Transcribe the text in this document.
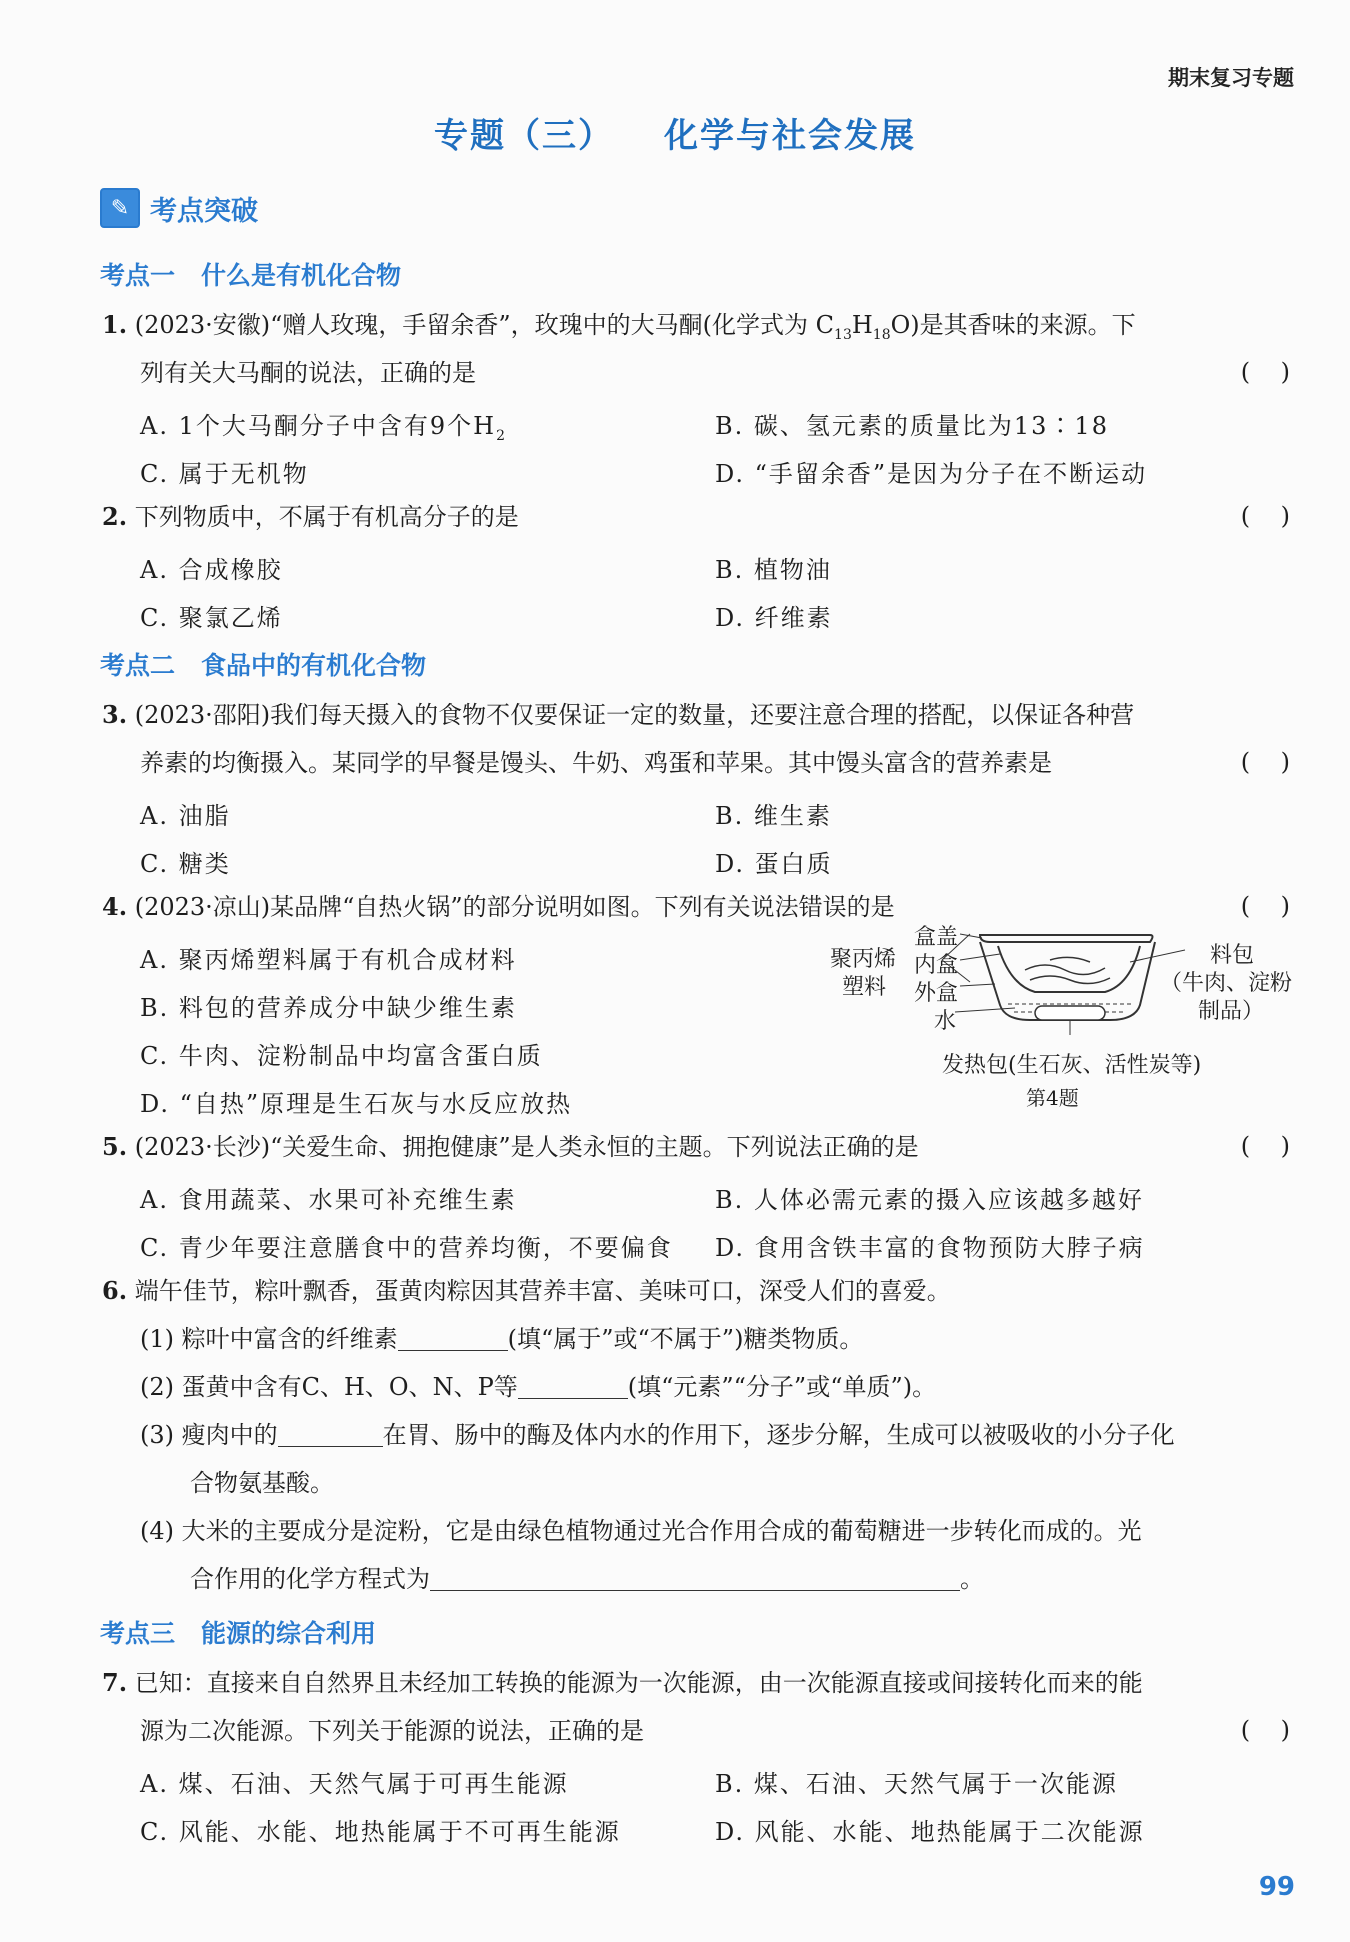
期末复习专题
专题（三） 化学与社会发展
✎ 考点突破
考点一 什么是有机化合物
1. (2023·安徽)“赠人玫瑰，手留余香”，玫瑰中的大马酮(化学式为 $C_{13}H_{18}O$)是其香味的来源。下
列有关大马酮的说法，正确的是	(    )
A. 1个大马酮分子中含有9个$H_2$	B. 碳、氢元素的质量比为13∶18
C. 属于无机物	D. “手留余香”是因为分子在不断运动
2. 下列物质中，不属于有机高分子的是	(    )
A. 合成橡胶	B. 植物油
C. 聚氯乙烯	D. 纤维素
考点二 食品中的有机化合物
3. (2023·邵阳)我们每天摄入的食物不仅要保证一定的数量，还要注意合理的搭配，以保证各种营
养素的均衡摄入。某同学的早餐是馒头、牛奶、鸡蛋和苹果。其中馒头富含的营养素是	(    )
A. 油脂	B. 维生素
C. 糖类	D. 蛋白质
4. (2023·凉山)某品牌“自热火锅”的部分说明如图。下列有关说法错误的是	(    )
A. 聚丙烯塑料属于有机合成材料
B. 料包的营养成分中缺少维生素
C. 牛肉、淀粉制品中均富含蛋白质
D. “自热”原理是生石灰与水反应放热
聚丙烯
塑料
盒盖
内盒
外盒
水
料包
（牛肉、淀粉
制品）
发热包(生石灰、活性炭等)
第4题
5. (2023·长沙)“关爱生命、拥抱健康”是人类永恒的主题。下列说法正确的是	(    )
A. 食用蔬菜、水果可补充维生素	B. 人体必需元素的摄入应该越多越好
C. 青少年要注意膳食中的营养均衡，不要偏食 D. 食用含铁丰富的食物预防大脖子病
6. 端午佳节，粽叶飘香，蛋黄肉粽因其营养丰富、美味可口，深受人们的喜爱。
(1) 粽叶中富含的纤维素	(填“属于”或“不属于”)糖类物质。
(2) 蛋黄中含有C、H、O、N、P等	(填“元素”“分子”或“单质”)。
(3) 瘦肉中的	在胃、肠中的酶及体内水的作用下，逐步分解，生成可以被吸收的小分子化
合物氨基酸。
(4) 大米的主要成分是淀粉，它是由绿色植物通过光合作用合成的葡萄糖进一步转化而成的。光
合作用的化学方程式为	。
考点三 能源的综合利用
7. 已知：直接来自自然界且未经加工转换的能源为一次能源，由一次能源直接或间接转化而来的能
源为二次能源。下列关于能源的说法，正确的是	(    )
A. 煤、石油、天然气属于可再生能源	B. 煤、石油、天然气属于一次能源
C. 风能、水能、地热能属于不可再生能源	D. 风能、水能、地热能属于二次能源
99
